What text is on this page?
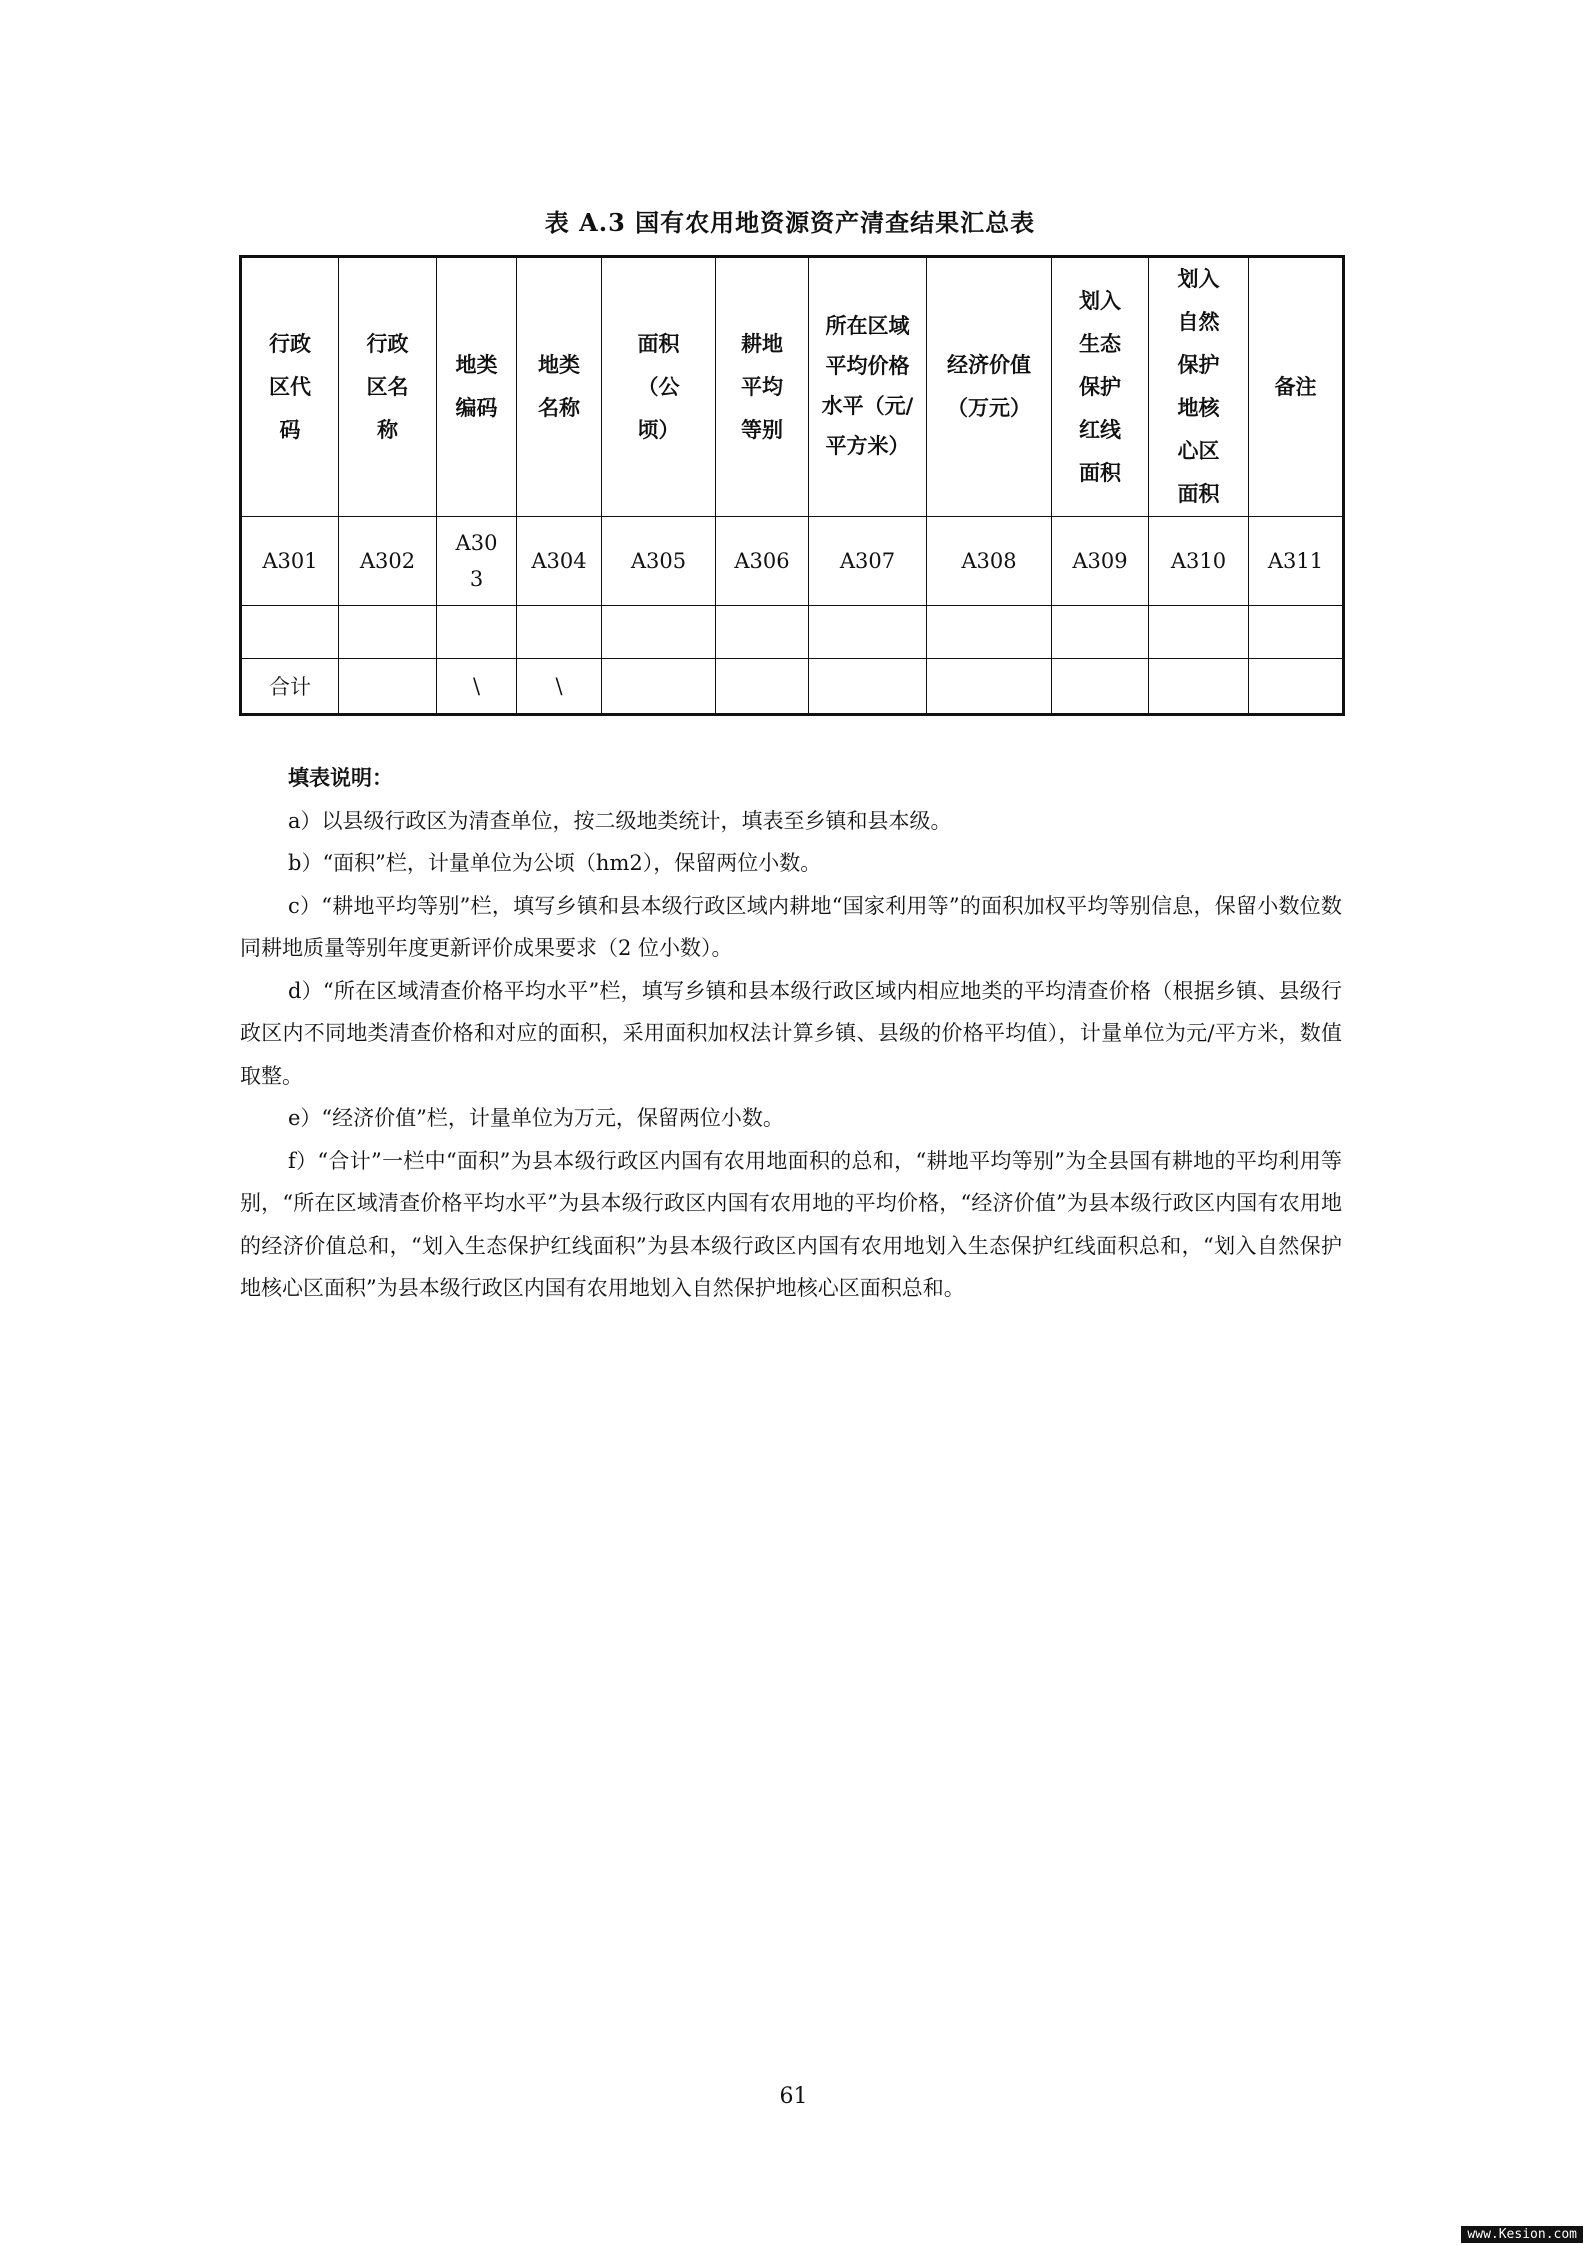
表 A.3 国有农用地资源资产清查结果汇总表
行政区代码	行政区名称	地类编码	地类名称	面积（公顷）	耕地平均等别	所在区域平均价格水平（元/平方米）	经济价值（万元）	划入生态保护红线面积	划入自然保护地核心区面积	备注
A301	A302	A303	A304	A305	A306	A307	A308	A309	A310	A311

合计		\	\							
填表说明：

a）以县级行政区为清查单位，按二级地类统计，填表至乡镇和县本级。

b）“面积”栏，计量单位为公顷（hm2），保留两位小数。

c）“耕地平均等别”栏，填写乡镇和县本级行政区域内耕地“国家利用等”的面积加权平均等别信息，保留小数位数同耕地质量等别年度更新评价成果要求（2 位小数）。

d）“所在区域清查价格平均水平”栏，填写乡镇和县本级行政区域内相应地类的平均清查价格（根据乡镇、县级行政区内不同地类清查价格和对应的面积，采用面积加权法计算乡镇、县级的价格平均值），计量单位为元/平方米，数值取整。

e）“经济价值”栏，计量单位为万元，保留两位小数。

f）“合计”一栏中“面积”为县本级行政区内国有农用地面积的总和，“耕地平均等别”为全县国有耕地的平均利用等别，“所在区域清查价格平均水平”为县本级行政区内国有农用地的平均价格，“经济价值”为县本级行政区内国有农用地的经济价值总和，“划入生态保护红线面积”为县本级行政区内国有农用地划入生态保护红线面积总和，“划入自然保护地核心区面积”为县本级行政区内国有农用地划入自然保护地核心区面积总和。

61
www.Kesion.com
